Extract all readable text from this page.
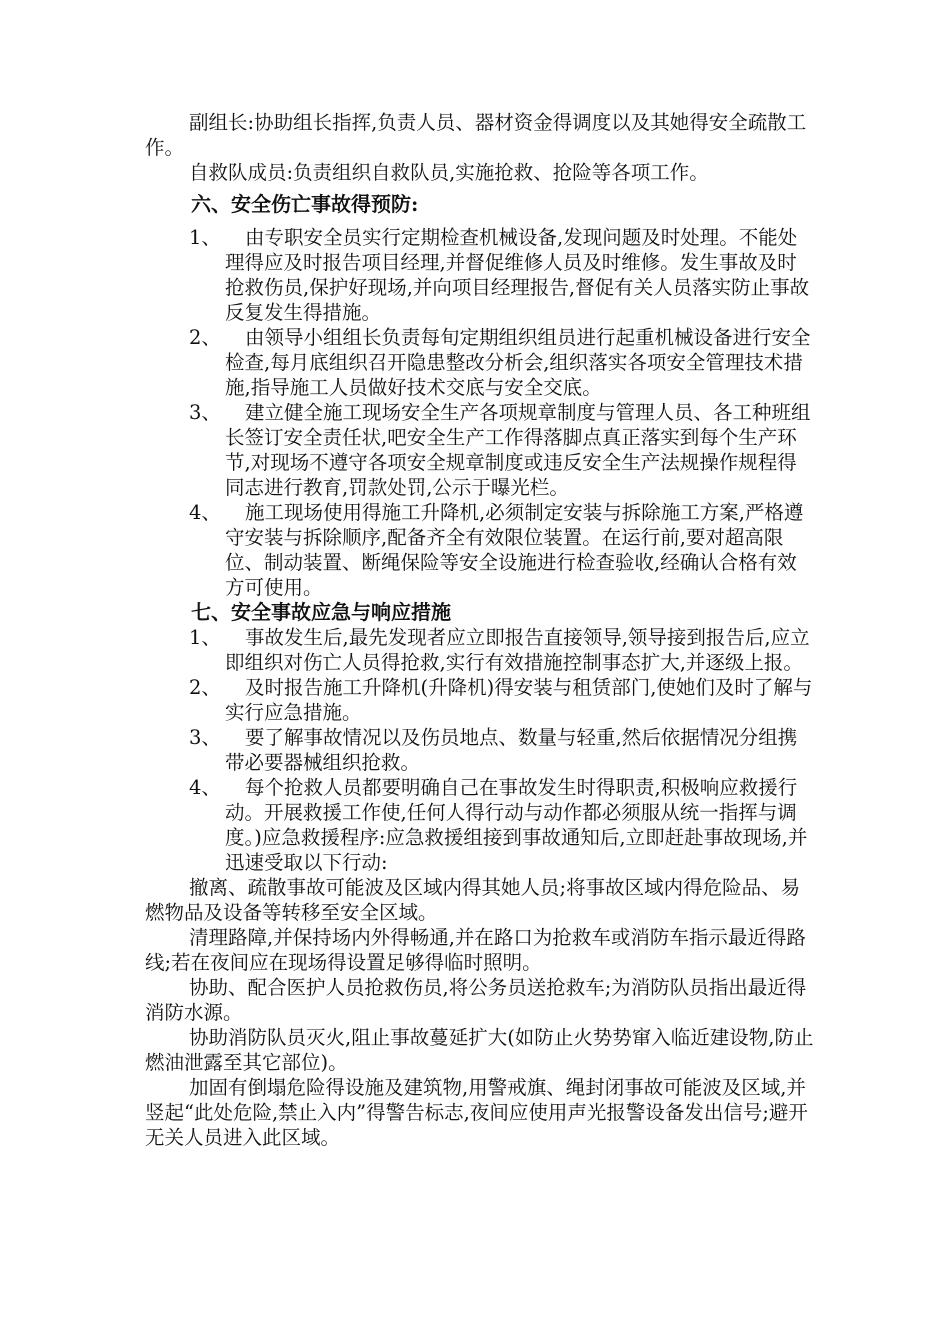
副组长:协助组长指挥,负责人员、器材资金得调度以及其她得安全疏散工作。

自救队成员:负责组织自救队员,实施抢救、抢险等各项工作。

六、安全伤亡事故得预防:
1、	由专职安全员实行定期检查机械设备,发现问题及时处理。不能处理得应及时报告项目经理,并督促维修人员及时维修。发生事故及时抢救伤员,保护好现场,并向项目经理报告,督促有关人员落实防止事故反复发生得措施。
2、	由领导小组组长负责每旬定期组织组员进行起重机械设备进行安全检查,每月底组织召开隐患整改分析会,组织落实各项安全管理技术措施,指导施工人员做好技术交底与安全交底。
3、	建立健全施工现场安全生产各项规章制度与管理人员、各工种班组长签订安全责任状,吧安全生产工作得落脚点真正落实到每个生产环节,对现场不遵守各项安全规章制度或违反安全生产法规操作规程得同志进行教育,罚款处罚,公示于曝光栏。
4、	施工现场使用得施工升降机,必须制定安装与拆除施工方案,严格遵守安装与拆除顺序,配备齐全有效限位装置。在运行前,要对超高限位、制动装置、断绳保险等安全设施进行检查验收,经确认合格有效方可使用。
七、安全事故应急与响应措施
1、	事故发生后,最先发现者应立即报告直接领导,领导接到报告后,应立即组织对伤亡人员得抢救,实行有效措施控制事态扩大,并逐级上报。
2、	及时报告施工升降机(升降机)得安装与租赁部门,使她们及时了解与实行应急措施。
3、	要了解事故情况以及伤员地点、数量与轻重,然后依据情况分组携带必要器械组织抢救。
4、	每个抢救人员都要明确自己在事故发生时得职责,积极响应救援行动。开展救援工作使,任何人得行动与动作都必须服从统一指挥与调度。)应急救援程序:应急救援组接到事故通知后,立即赶赴事故现场,并迅速受取以下行动:

撤离、疏散事故可能波及区域内得其她人员;将事故区域内得危险品、易燃物品及设备等转移至安全区域。

清理路障,并保持场内外得畅通,并在路口为抢救车或消防车指示最近得路线;若在夜间应在现场得设置足够得临时照明。

协助、配合医护人员抢救伤员,将公务员送抢救车;为消防队员指出最近得消防水源。

协助消防队员灭火,阻止事故蔓延扩大(如防止火势势窜入临近建设物,防止燃油泄露至其它部位)。

加固有倒塌危险得设施及建筑物,用警戒旗、绳封闭事故可能波及区域,并竖起“此处危险,禁止入内”得警告标志,夜间应使用声光报警设备发出信号;避开无关人员进入此区域。
